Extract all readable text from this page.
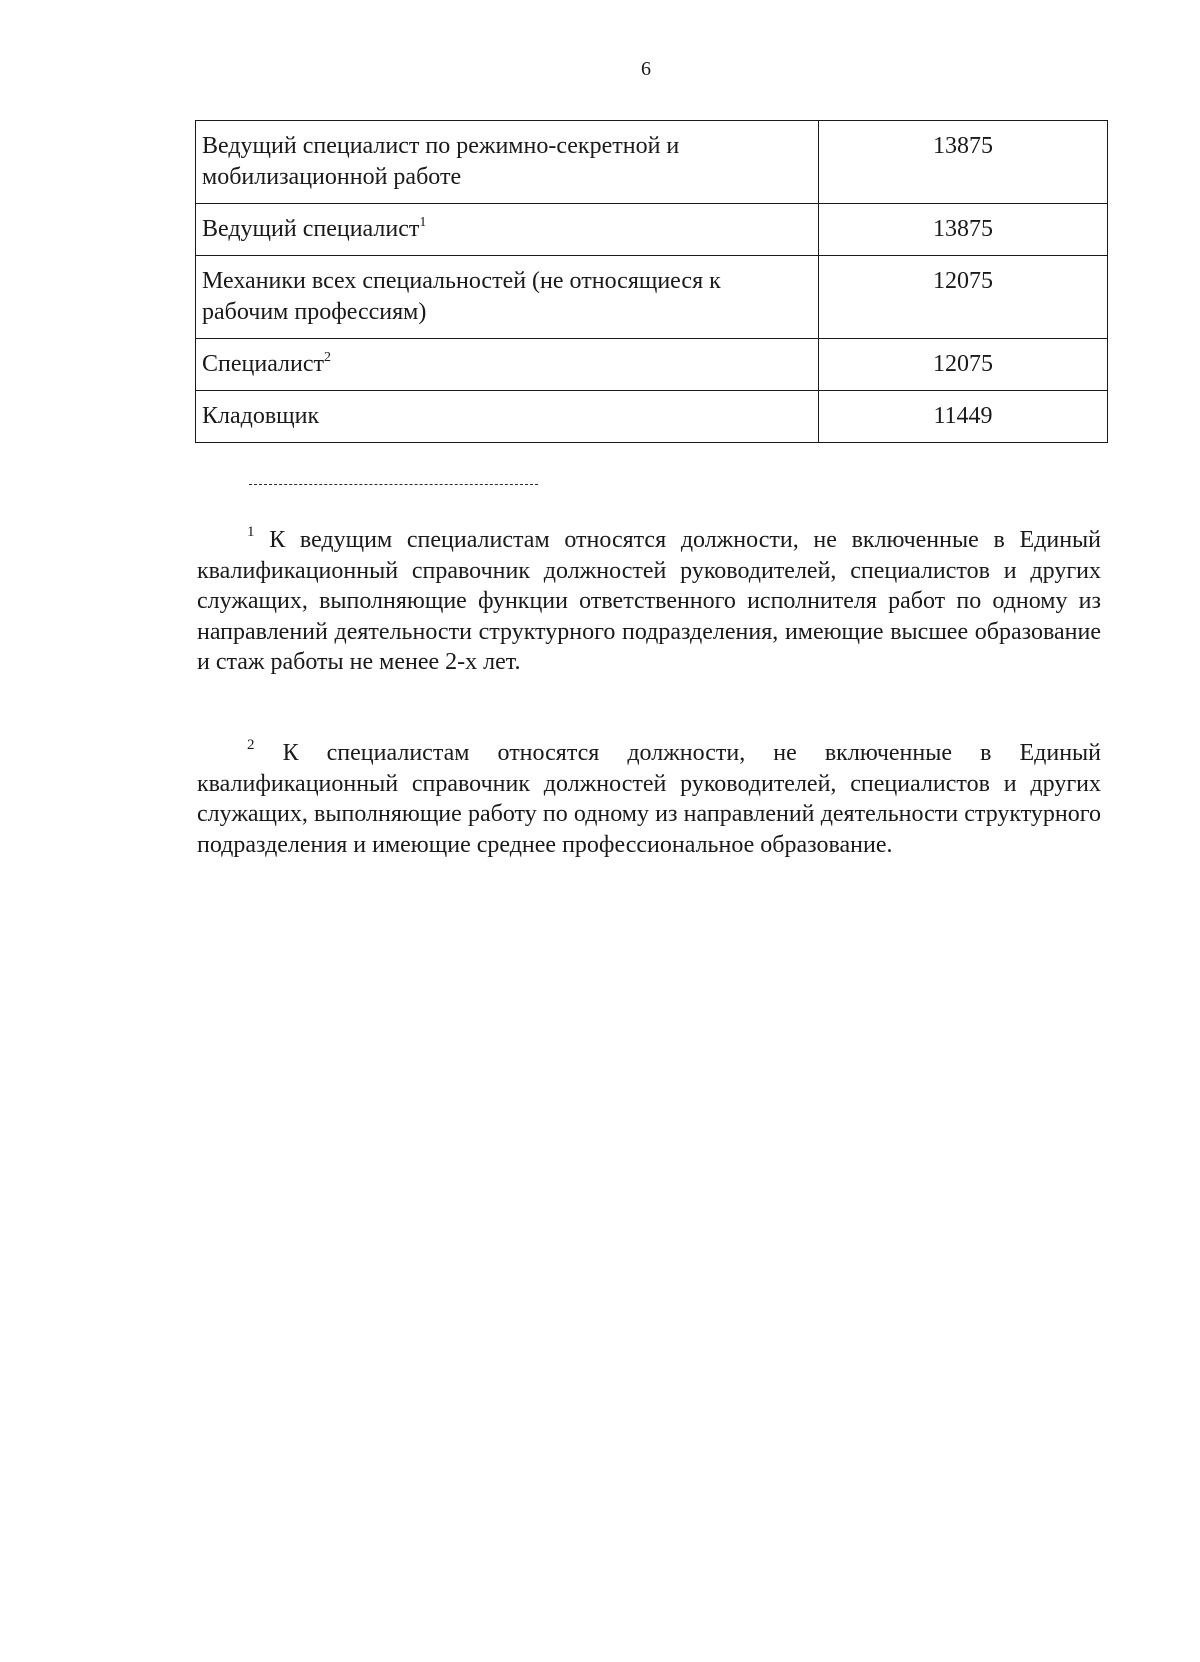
6
Ведущий специалист по режимно-секретной и мобилизационной работе	13875
Ведущий специалист$^1$	13875
Механики всех специальностей (не относящиеся к рабочим профессиям)	12075
Специалист$^2$	12075
Кладовщик	11449

$^1$ К ведущим специалистам относятся должности, не включенные в Единый квалификационный справочник должностей руководителей, специалистов и других служащих, выполняющие функции ответственного исполнителя работ по одному из направлений деятельности структурного подразделения, имеющие высшее образование и стаж работы не менее 2-х лет.

$^2$ К специалистам относятся должности, не включенные в Единый квалификационный справочник должностей руководителей, специалистов и других служащих, выполняющие работу по одному из направлений деятельности структурного подразделения и имеющие среднее профессиональное образование.
